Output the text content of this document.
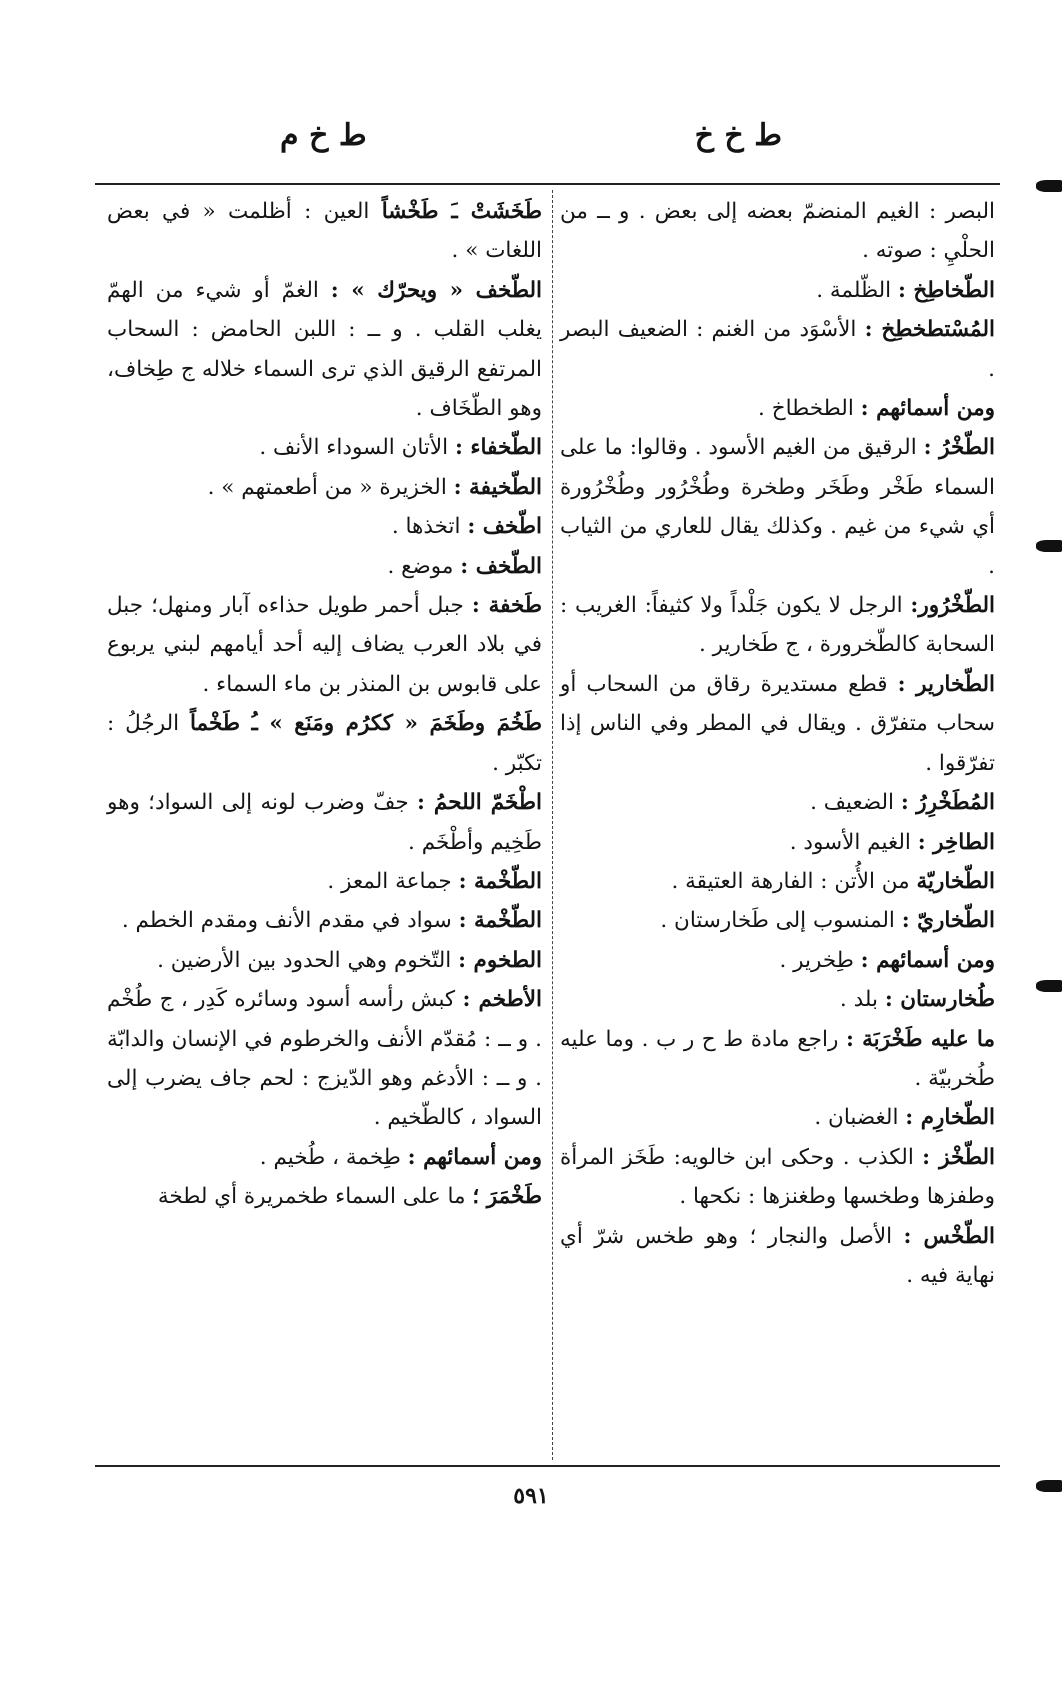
ط خ خ
ط خ م

البصر : الغيم المنضمّ بعضه إلى بعض . و ــ من الحلْيِ : صوته .

الطّخاطِخ : الظّلمة .

المُسْتطخطِخ : الأسْوَد من الغنم : الضعيف البصر .

ومن أسمائهم : الطخطاخ .

الطّخْرُ : الرقيق من الغيم الأسود . وقالوا: ما على السماء طَخْر وطَخَر وطخرة وطُخْرُور وطُخْرُورة أي شيء من غيم . وكذلك يقال للعاري من الثياب .

الطّخْرُور: الرجل لا يكون جَلْداً ولا كثيفاً: الغريب : السحابة كالطّخرورة ، ج طَخارير .

الطّخارير : قطع مستديرة رقاق من السحاب أو سحاب متفرّق . ويقال في المطر وفي الناس إذا تفرّقوا .

المُطَخْرِرُ : الضعيف .

الطاخِر : الغيم الأسود .

الطّخاريّة من الأُتن : الفارهة العتيقة .

الطّخاريّ : المنسوب إلى طَخارستان .

ومن أسمائهم : طِخرير .

طُخارستان : بلد .

ما عليه طَخْرَبَة : راجع مادة ط ح ر ب . وما عليه طُخربيّة .

الطّخارِم : الغضبان .

الطّخْز : الكذب . وحكى ابن خالويه: طَخَز المرأة وطفزها وطخسها وطغنزها : نكحها .

الطّخْس : الأصل والنجار ؛ وهو طخس شرّ أي نهاية فيه .

طَخَشَتْ ـَ طَخْشاً العين : أظلمت « في بعض اللغات » .

الطّخف « ويحرّك » : الغمّ أو شيء من الهمّ يغلب القلب . و ــ : اللبن الحامض : السحاب المرتفع الرقيق الذي ترى السماء خلاله ج طِخاف، وهو الطّخَاف .

الطّخفاء : الأتان السوداء الأنف .

الطّخيفة : الخزيرة « من أطعمتهم » .

اطّخف : اتخذها .

الطّخف : موضع .

طَخفة : جبل أحمر طويل حذاءه آبار ومنهل؛ جبل في بلاد العرب يضاف إليه أحد أيامهم لبني يربوع على قابوس بن المنذر بن ماء السماء .

طَخُمَ وطَخَمَ « ككرُم ومَنَع » ـُ طَخْماً الرجُلُ : تكبّر .

اطْخَمّ اللحمُ : جفّ وضرب لونه إلى السواد؛ وهو طَخِيم وأطْخَم .

الطّخْمة : جماعة المعز .

الطّخْمة : سواد في مقدم الأنف ومقدم الخطم .

الطخوم : التّخوم وهي الحدود بين الأرضين .

الأطخم : كبش رأسه أسود وسائره كَدِر ، ج طُخْم . و ــ : مُقدّم الأنف والخرطوم في الإنسان والدابّة . و ــ : الأدغم وهو الدّيزج : لحم جاف يضرب إلى السواد ، كالطّخيم .

ومن أسمائهم : طِخمة ، طُخيم .

طَخْمَرَ ؛ ما على السماء طخمريرة أي لطخة

٥٩١
